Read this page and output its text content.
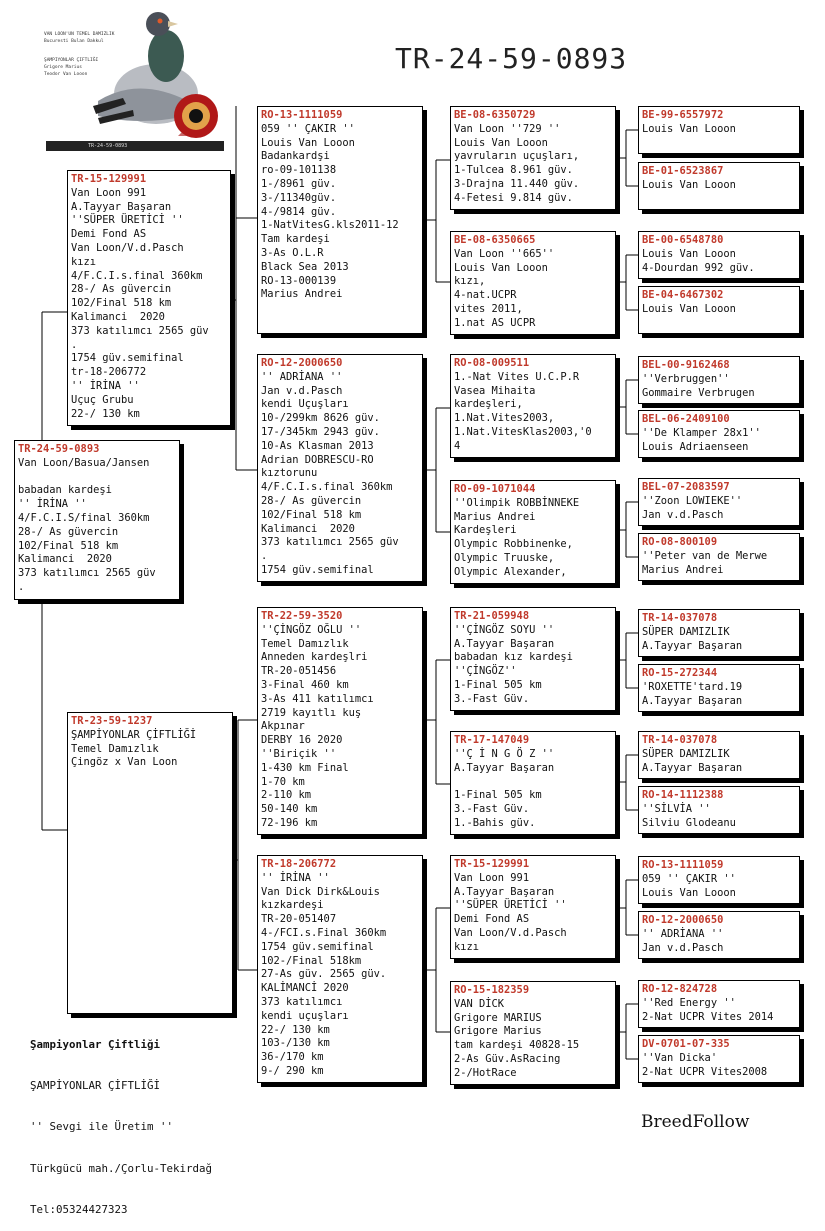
TR-24-59-0893
VAN LOON'UN TEMEL DAMIZLIK
Bucuresti Bulan Dakkul
ŞAMPIYONLAR ÇIFTLIĞI
Grigore Marius
Teodor Van Looon	TR-24-59-0893
TR-24-59-0893
Van Loon/Basua/Jansen

babadan kardeşi
'' İRİNA ''
4/F.C.I.S/final 360km
28-/ As güvercin
102/Final 518 km
Kalimanci  2020
373 katılımcı 2565 güv
.
TR-15-129991
Van Loon 991
A.Tayyar Başaran
''SÜPER ÜRETİCİ ''
Demi Fond AS
Van Loon/V.d.Pasch
kızı
4/F.C.I.s.final 360km
28-/ As güvercin
102/Final 518 km
Kalimanci  2020
373 katılımcı 2565 güv
.
1754 güv.semifinal
tr-18-206772
'' İRİNA ''
Uçuç Grubu
22-/ 130 km
TR-23-59-1237
ŞAMPİYONLAR ÇİFTLİĞİ
Temel Damızlık
Çingöz x Van Loon
RO-13-1111059
059 '' ÇAKIR ''
Louis Van Looon
Badankardşi
ro-09-101138
1-/8961 güv.
3-/11340güv.
4-/9814 güv.
1-NatVitesG.kls2011-12
Tam kardeşi
3-As O.L.R
Black Sea 2013
RO-13-000139
Marius Andrei
RO-12-2000650
'' ADRİANA ''
Jan v.d.Pasch
kendi Uçuşları
10-/299km 8626 güv.
17-/345km 2943 güv.
10-As Klasman 2013
Adrian DOBRESCU-RO
kıztorunu
4/F.C.I.s.final 360km
28-/ As güvercin
102/Final 518 km
Kalimanci  2020
373 katılımcı 2565 güv
.
1754 güv.semifinal
TR-22-59-3520
''ÇİNGÖZ OĞLU ''
Temel Damızlık
Anneden kardeşlri
TR-20-051456
3-Final 460 km
3-As 411 katılımcı
2719 kayıtlı kuş
Akpınar
DERBY 16 2020
''Biriçik ''
1-430 km Final
1-70 km
2-110 km
50-140 km
72-196 km
TR-18-206772
'' İRİNA ''
Van Dick Dirk&Louis
kızkardeşi
TR-20-051407
4-/FCI.s.Final 360km
1754 güv.semifinal
102-/Final 518km
27-As güv. 2565 güv.
KALİMANCİ 2020
373 katılımcı
kendi uçuşları
22-/ 130 km
103-/130 km
36-/170 km
9-/ 290 km
BE-08-6350729
Van Loon ''729 ''
Louis Van Looon
yavruların uçuşları,
1-Tulcea 8.961 güv.
3-Drajna 11.440 güv.
4-Fetesi 9.814 güv.
BE-08-6350665
Van Loon ''665''
Louis Van Looon
kızı,
4-nat.UCPR
vites 2011,
1.nat AS UCPR
RO-08-009511
1.-Nat Vites U.C.P.R
Vasea Mihaita
kardeşleri,
1.Nat.Vites2003,
1.Nat.VitesKlas2003,'0
4
RO-09-1071044
''Olimpik ROBBİNNEKE
Marius Andrei
Kardeşleri
Olympic Robbinenke,
Olympic Truuske,
Olympic Alexander,
TR-21-059948
''ÇİNGÖZ SOYU ''
A.Tayyar Başaran
babadan kız kardeşi
''ÇİNGÖZ''
1-Final 505 km
3.-Fast Güv.
TR-17-147049
''Ç İ N G Ö Z ''
A.Tayyar Başaran

1-Final 505 km
3.-Fast Güv.
1.-Bahis güv.
TR-15-129991
Van Loon 991
A.Tayyar Başaran
''SÜPER ÜRETİCİ ''
Demi Fond AS
Van Loon/V.d.Pasch
kızı
RO-15-182359
VAN DİCK
Grigore MARIUS
Grigore Marius
tam kardeşi 40828-15
2-As Güv.AsRacing
2-/HotRace
BE-99-6557972
Louis Van Looon
BE-01-6523867
Louis Van Looon
BE-00-6548780
Louis Van Looon
4-Dourdan 992 güv.
BE-04-6467302
Louis Van Looon
BEL-00-9162468
''Verbruggen''
Gommaire Verbrugen
BEL-06-2409100
''De Klamper 28x1''
Louis Adriaenseen
BEL-07-2083597
''Zoon LOWIEKE''
Jan v.d.Pasch
RO-08-800109
''Peter van de Merwe
Marius Andrei
TR-14-037078
SÜPER DAMIZLIK
A.Tayyar Başaran
RO-15-272344
'ROXETTE'tard.19
A.Tayyar Başaran
TR-14-037078
SÜPER DAMIZLIK
A.Tayyar Başaran
RO-14-1112388
''SİLVİA ''
Silviu Glodeanu
RO-13-1111059
059 '' ÇAKIR ''
Louis Van Looon
RO-12-2000650
'' ADRİANA ''
Jan v.d.Pasch
RO-12-824728
''Red Energy ''
2-Nat UCPR Vites 2014
DV-0701-07-335
''Van Dicka'
2-Nat UCPR Vites2008

Şampiyonlar Çiftliği

ŞAMPİYONLAR ÇİFTLİĞİ

'' Sevgi ile Üretim ''

Türkgücü mah./Çorlu-Tekirdağ

Tel:05324427323

BreedFollow
